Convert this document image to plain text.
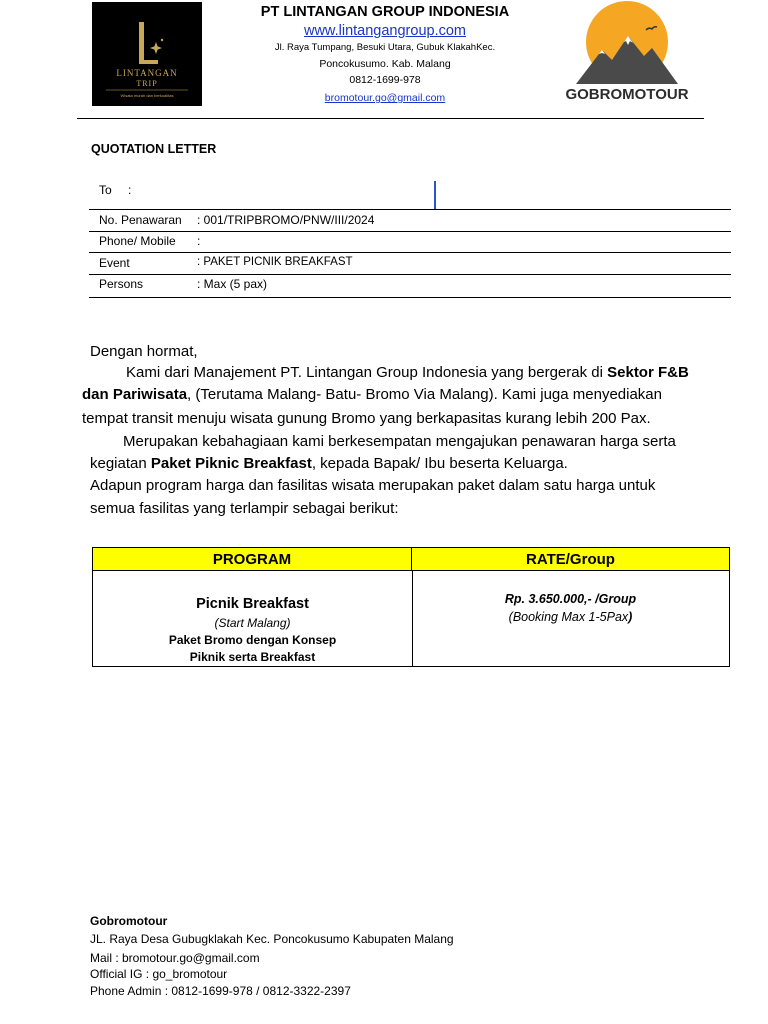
LINTANGAN
TRIP
Wisata murah dan berkualitas
PT LINTANGAN GROUP INDONESIA
www.lintangangroup.com
Jl. Raya Tumpang, Besuki Utara, Gubuk KlakahKec.
Poncokusumo. Kab. Malang
0812-1699-978
bromotour.go@gmail.com	GOBROMOTOUR
QUOTATION LETTER
To :
No. Penawaran : 001/TRIPBROMO/PNW/III/2024
Phone/ Mobile :
Event	: PAKET PICNIK BREAKFAST
Persons	: Max (5 pax)
Dengan hormat,
Kami dari Manajement PT. Lintangan Group Indonesia yang bergerak di Sektor F&B
dan Pariwisata, (Terutama Malang- Batu- Bromo Via Malang). Kami juga menyediakan
tempat transit menuju wisata gunung Bromo yang berkapasitas kurang lebih 200 Pax.
Merupakan kebahagiaan kami berkesempatan mengajukan penawaran harga serta
kegiatan Paket Piknic Breakfast, kepada Bapak/ Ibu beserta Keluarga.
Adapun program harga dan fasilitas wisata merupakan paket dalam satu harga untuk
semua fasilitas yang terlampir sebagai berikut:
PROGRAM	RATE/Group
Picnik Breakfast
(Start Malang)
Paket Bromo dengan Konsep
Piknik serta Breakfast
Rp. 3.650.000,- /Group
(Booking Max 1-5Pax)
Gobromotour
JL. Raya Desa Gubugklakah Kec. Poncokusumo Kabupaten Malang
Mail : bromotour.go@gmail.com
Official IG : go_bromotour
Phone Admin : 0812-1699-978 / 0812-3322-2397
